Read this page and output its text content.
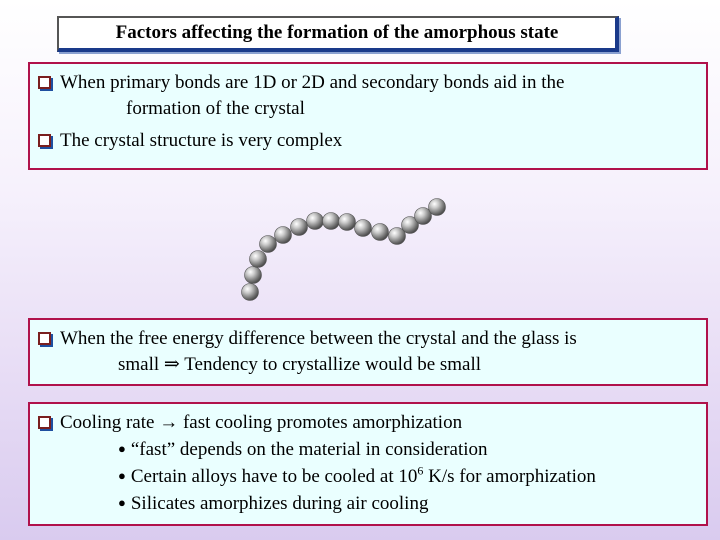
Factors affecting the formation of the amorphous state
When primary bonds are 1D or 2D and secondary bonds aid in the
formation of the crystal
The crystal structure is very complex
When the free energy difference between the crystal and the glass is
small ⇒ Tendency to crystallize would be small
Cooling rate → fast cooling promotes amorphization
● “fast” depends on the material in consideration
● Certain alloys have to be cooled at $10^6$ K/s for amorphization
● Silicates amorphizes during air cooling
